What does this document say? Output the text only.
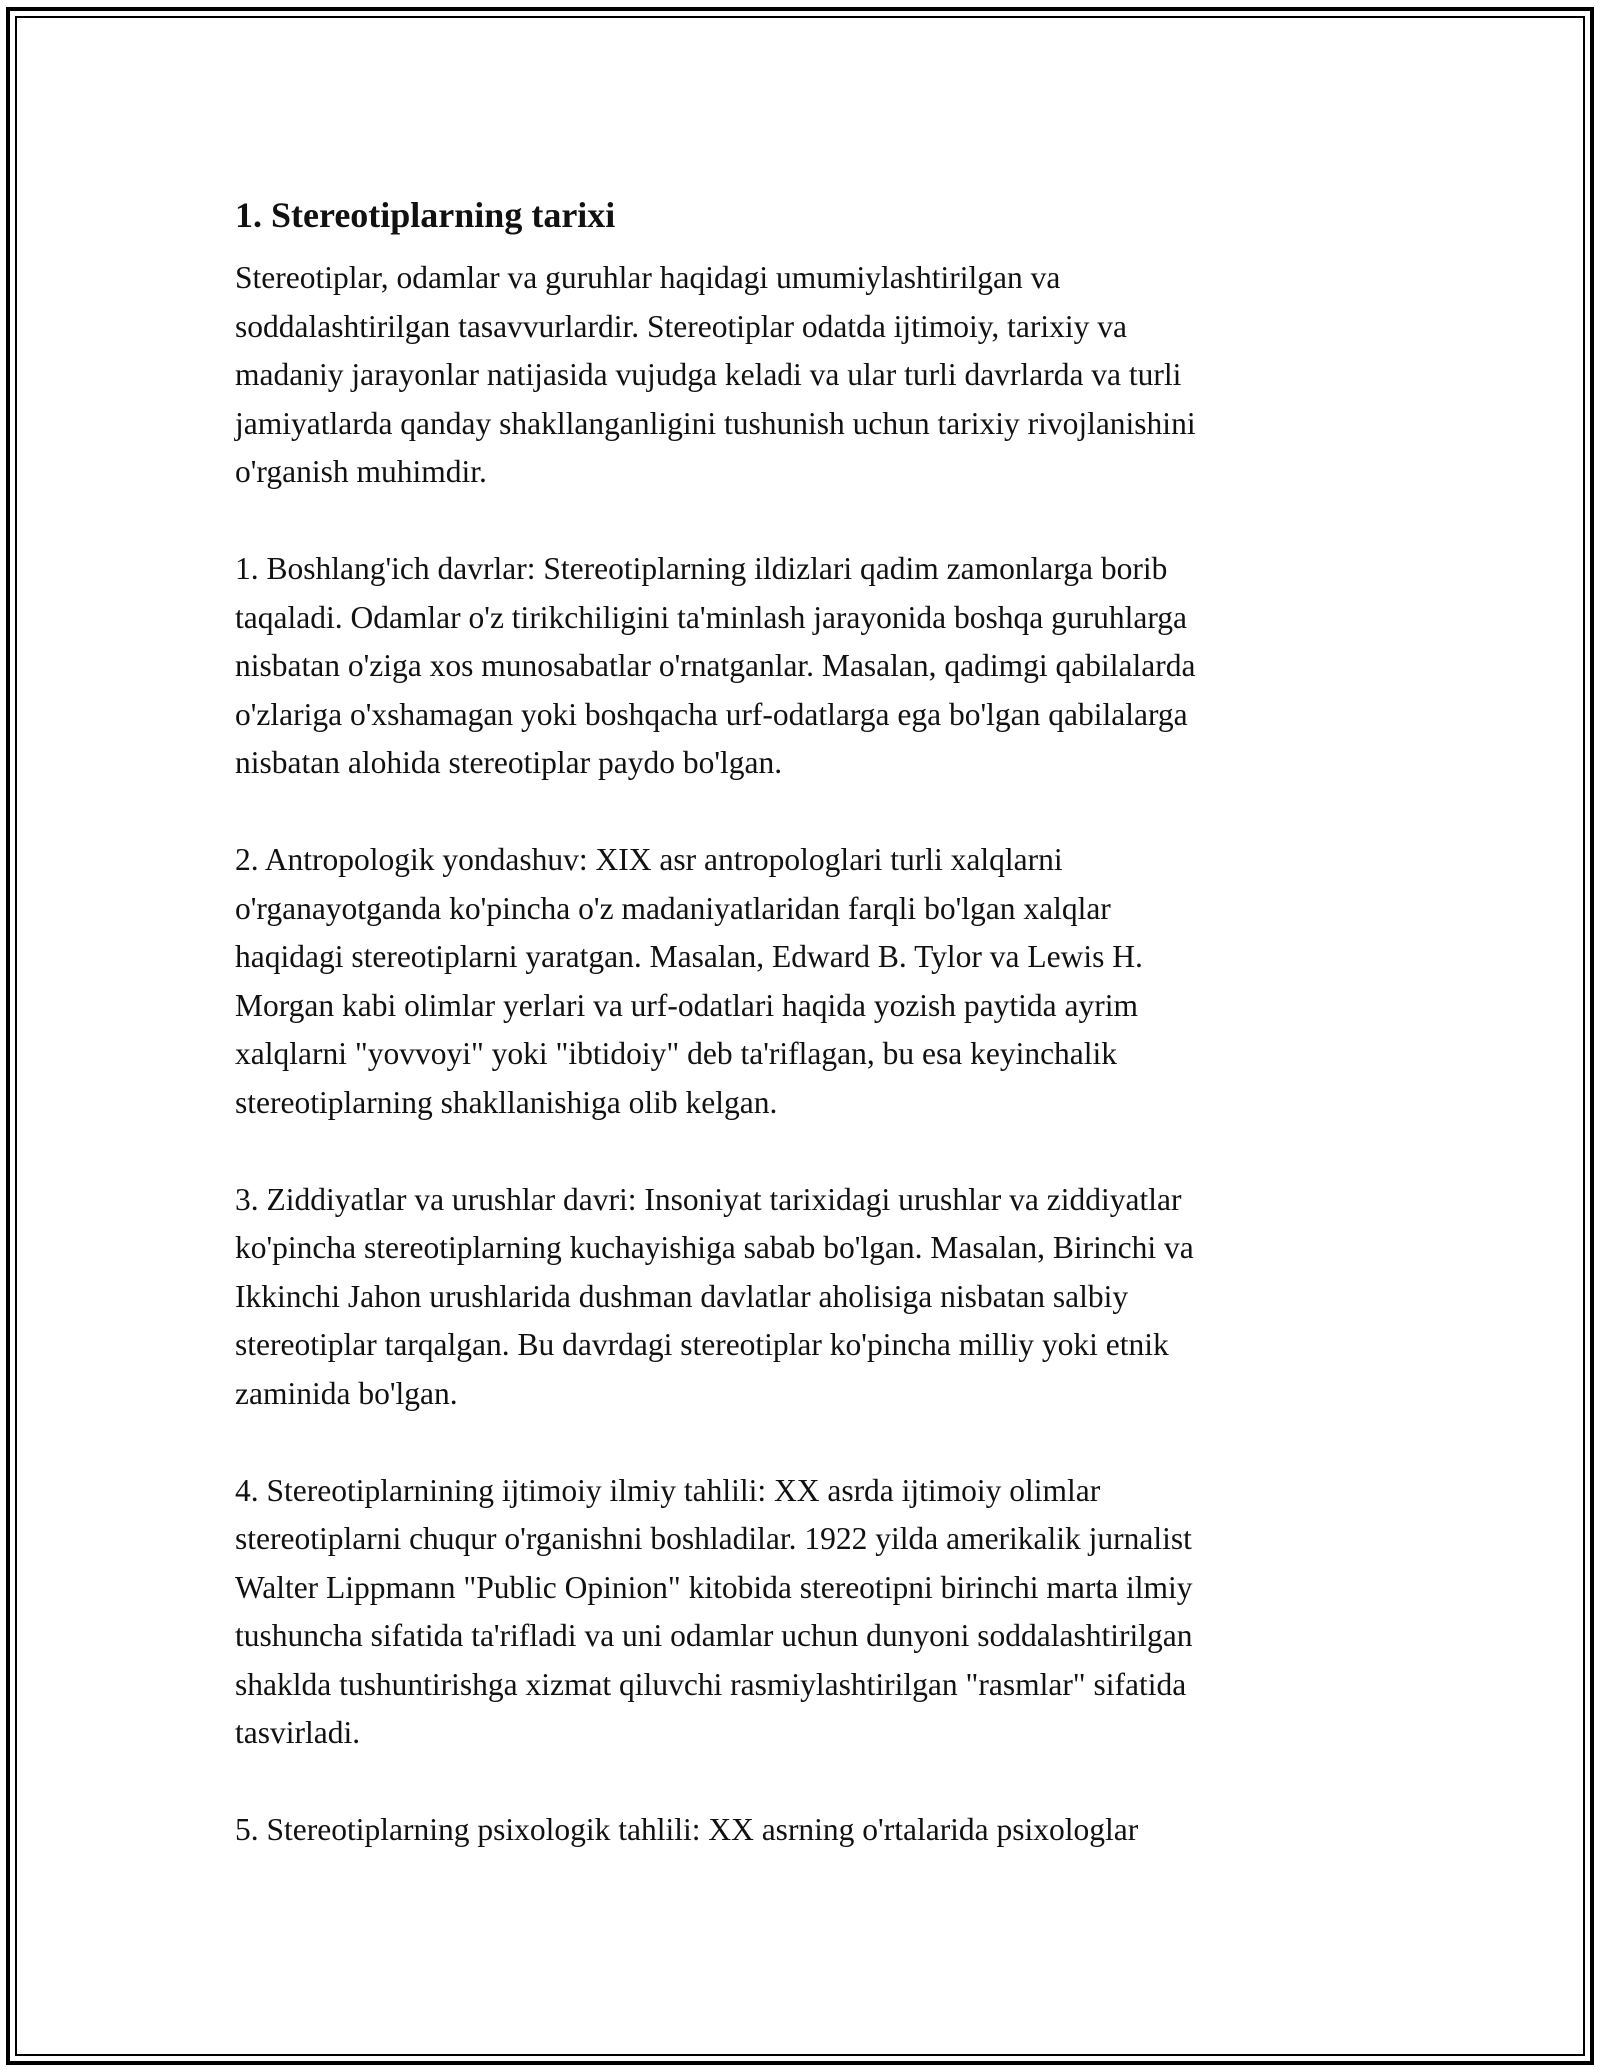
1. Stereotiplarning tarixi

Stereotiplar, odamlar va guruhlar haqidagi umumiylashtirilgan va
soddalashtirilgan tasavvurlardir. Stereotiplar odatda ijtimoiy, tarixiy va
madaniy jarayonlar natijasida vujudga keladi va ular turli davrlarda va turli
jamiyatlarda qanday shakllanganligini tushunish uchun tarixiy rivojlanishini
o'rganish muhimdir.

1. Boshlang'ich davrlar: Stereotiplarning ildizlari qadim zamonlarga borib
taqaladi. Odamlar o'z tirikchiligini ta'minlash jarayonida boshqa guruhlarga
nisbatan o'ziga xos munosabatlar o'rnatganlar. Masalan, qadimgi qabilalarda
o'zlariga o'xshamagan yoki boshqacha urf-odatlarga ega bo'lgan qabilalarga
nisbatan alohida stereotiplar paydo bo'lgan.

2. Antropologik yondashuv: XIX asr antropologlari turli xalqlarni
o'rganayotganda ko'pincha o'z madaniyatlaridan farqli bo'lgan xalqlar
haqidagi stereotiplarni yaratgan. Masalan, Edward B. Tylor va Lewis H.
Morgan kabi olimlar yerlari va urf-odatlari haqida yozish paytida ayrim
xalqlarni "yovvoyi" yoki "ibtidoiy" deb ta'riflagan, bu esa keyinchalik
stereotiplarning shakllanishiga olib kelgan.

3. Ziddiyatlar va urushlar davri: Insoniyat tarixidagi urushlar va ziddiyatlar
ko'pincha stereotiplarning kuchayishiga sabab bo'lgan. Masalan, Birinchi va
Ikkinchi Jahon urushlarida dushman davlatlar aholisiga nisbatan salbiy
stereotiplar tarqalgan. Bu davrdagi stereotiplar ko'pincha milliy yoki etnik
zaminida bo'lgan.

4. Stereotiplarnining ijtimoiy ilmiy tahlili: XX asrda ijtimoiy olimlar
stereotiplarni chuqur o'rganishni boshladilar. 1922 yilda amerikalik jurnalist
Walter Lippmann "Public Opinion" kitobida stereotipni birinchi marta ilmiy
tushuncha sifatida ta'rifladi va uni odamlar uchun dunyoni soddalashtirilgan
shaklda tushuntirishga xizmat qiluvchi rasmiylashtirilgan "rasmlar" sifatida
tasvirladi.

5. Stereotiplarning psixologik tahlili: XX asrning o'rtalarida psixologlar
